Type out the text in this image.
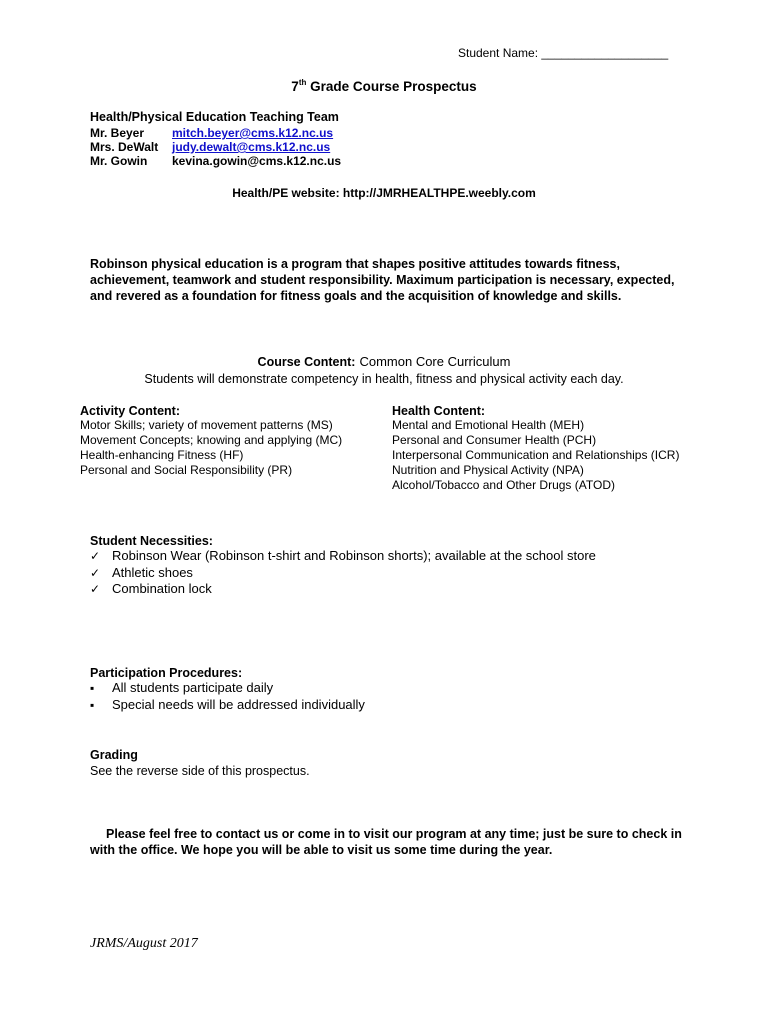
Student Name: ___________________
7th Grade Course Prospectus
Health/Physical Education Teaching Team
Mr. Beyer	mitch.beyer@cms.k12.nc.us
Mrs. DeWalt	judy.dewalt@cms.k12.nc.us
Mr. Gowin	kevina.gowin@cms.k12.nc.us
Health/PE website: http://JMRHEALTHPE.weebly.com
Robinson physical education is a program that shapes positive attitudes towards fitness, achievement, teamwork and student responsibility. Maximum participation is necessary, expected, and revered as a foundation for fitness goals and the acquisition of knowledge and skills.
Course Content: Common Core Curriculum
Students will demonstrate competency in health, fitness and physical activity each day.
Activity Content:
Motor Skills; variety of movement patterns (MS)
Movement Concepts; knowing and applying (MC)
Health-enhancing Fitness (HF)
Personal and Social Responsibility (PR)
Health Content:
Mental and Emotional Health (MEH)
Personal and Consumer Health (PCH)
Interpersonal Communication and Relationships (ICR)
Nutrition and Physical Activity (NPA)
Alcohol/Tobacco and Other Drugs (ATOD)
Student Necessities:
✓ Robinson Wear (Robinson t-shirt and Robinson shorts); available at the school store
✓ Athletic shoes
✓ Combination lock
Participation Procedures:
▪	All students participate daily
▪	Special needs will be addressed individually
Grading
See the reverse side of this prospectus.
Please feel free to contact us or come in to visit our program at any time; just be sure to check in with the office. We hope you will be able to visit us some time during the year.
JRMS/August 2017
